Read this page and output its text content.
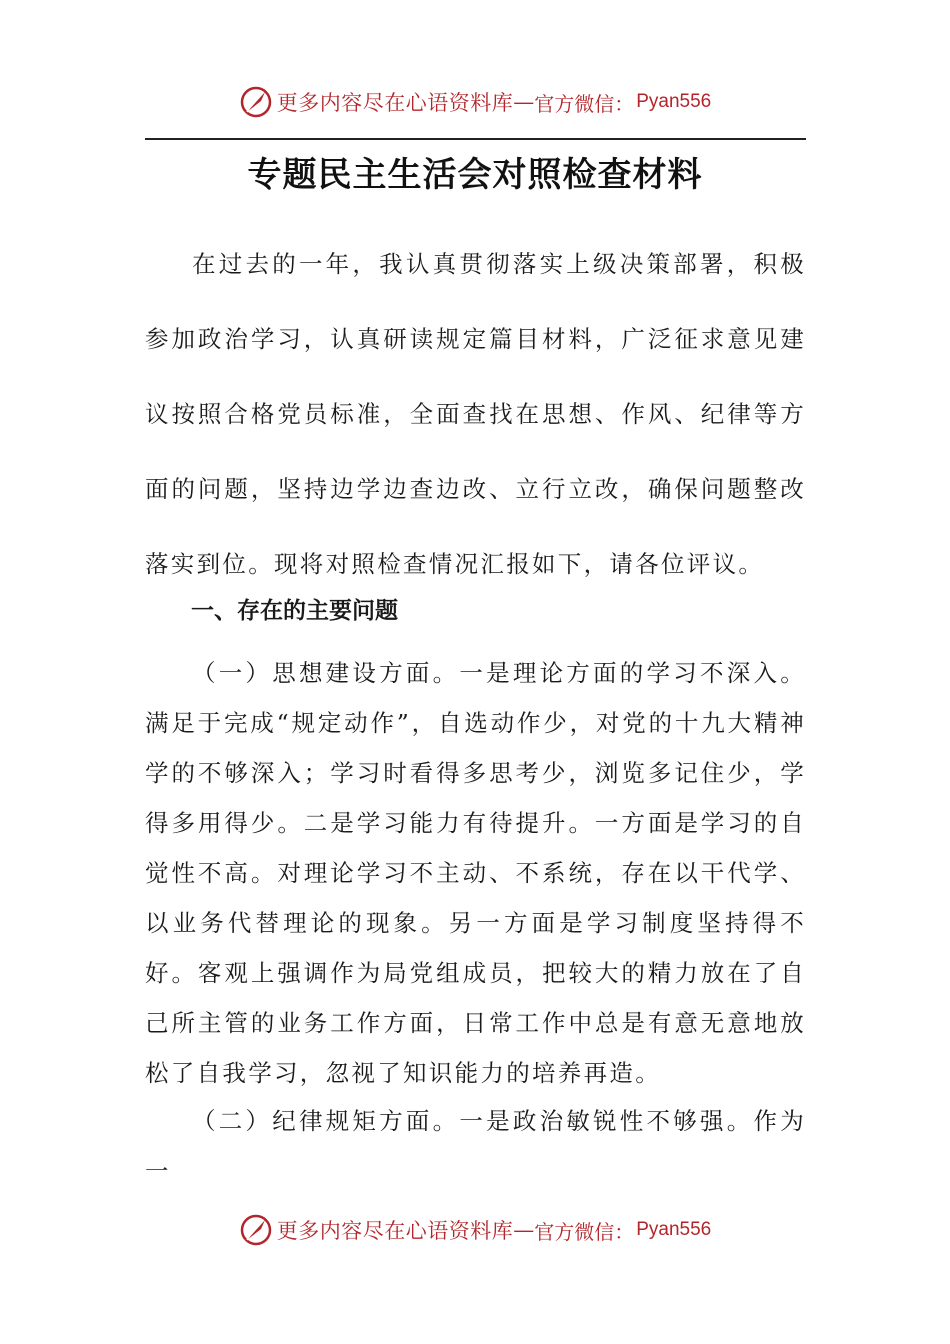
更多内容尽在心语资料库 — 官方微信： Pyan556
专题民主生活会对照检查材料
在过去的一年，我认真贯彻落实上级决策部署，积极参加政治学习，认真研读规定篇目材料，广泛征求意见建议按照合格党员标准，全面查找在思想、作风、纪律等方面的问题，坚持边学边查边改、立行立改，确保问题整改落实到位。现将对照检查情况汇报如下，请各位评议。
一、存在的主要问题
（一）思想建设方面。一是理论方面的学习不深入。满足于完成“规定动作”，自选动作少，对党的十九大精神学的不够深入；学习时看得多思考少，浏览多记住少，学得多用得少。二是学习能力有待提升。一方面是学习的自觉性不高。对理论学习不主动、不系统，存在以干代学、以业务代替理论的现象。另一方面是学习制度坚持得不好。客观上强调作为局党组成员，把较大的精力放在了自己所主管的业务工作方面，日常工作中总是有意无意地放松了自我学习，忽视了知识能力的培养再造。
（二）纪律规矩方面。一是政治敏锐性不够强。作为一
更多内容尽在心语资料库 — 官方微信： Pyan556
